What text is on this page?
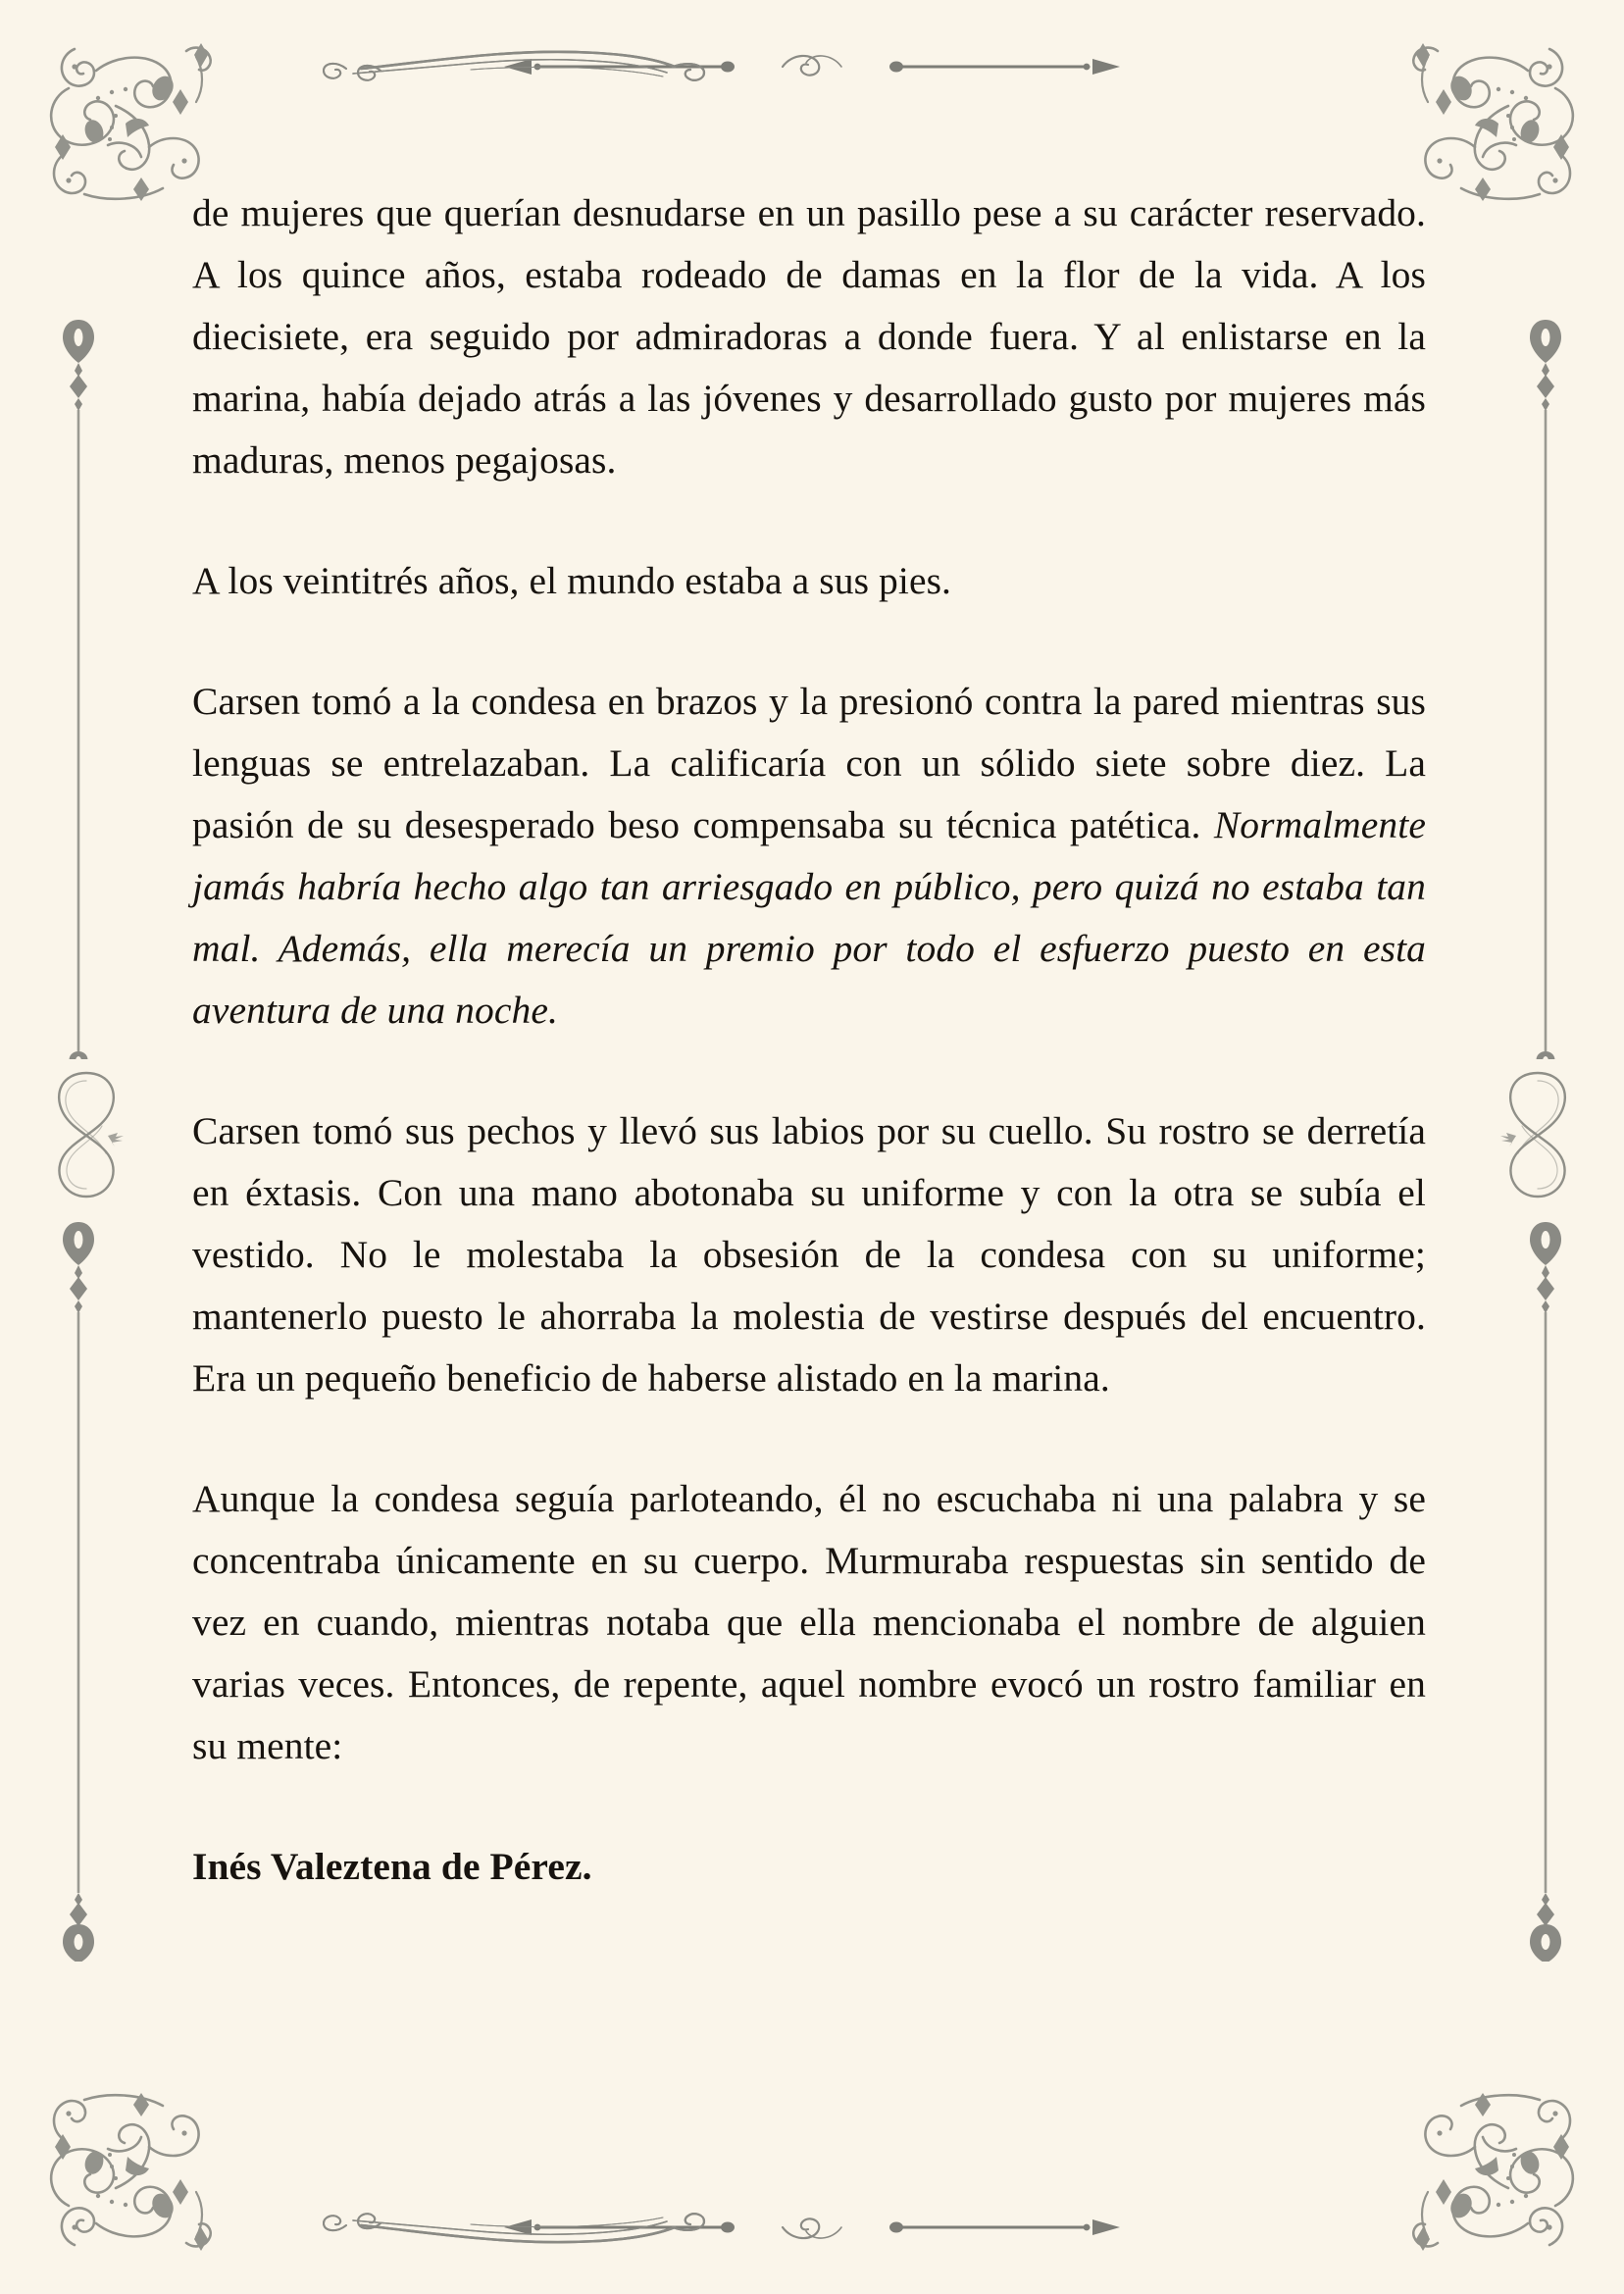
de mujeres que querían desnudarse en un pasillo pese a su carácter reservado. A los quince años, estaba rodeado de damas en la flor de la vida. A los diecisiete, era seguido por admiradoras a donde fuera. Y al enlistarse en la marina, había dejado atrás a las jóvenes y desarrollado gusto por mujeres más maduras, menos pegajosas.

A los veintitrés años, el mundo estaba a sus pies.

Carsen tomó a la condesa en brazos y la presionó contra la pared mientras sus lenguas se entrelazaban. La calificaría con un sólido siete sobre diez. La pasión de su desesperado beso compensaba su técnica patética. Normalmente jamás habría hecho algo tan arriesgado en público, pero quizá no estaba tan mal. Además, ella merecía un premio por todo el esfuerzo puesto en esta aventura de una noche.

Carsen tomó sus pechos y llevó sus labios por su cuello. Su rostro se derretía en éxtasis. Con una mano abotonaba su uniforme y con la otra se subía el vestido. No le molestaba la obsesión de la condesa con su uniforme; mantenerlo puesto le ahorraba la molestia de vestirse después del encuentro. Era un pequeño beneficio de haberse alistado en la marina.

Aunque la condesa seguía parloteando, él no escuchaba ni una palabra y se concentraba únicamente en su cuerpo. Murmuraba respuestas sin sentido de vez en cuando, mientras notaba que ella mencionaba el nombre de alguien varias veces. Entonces, de repente, aquel nombre evocó un rostro familiar en su mente:

Inés Valeztena de Pérez.
